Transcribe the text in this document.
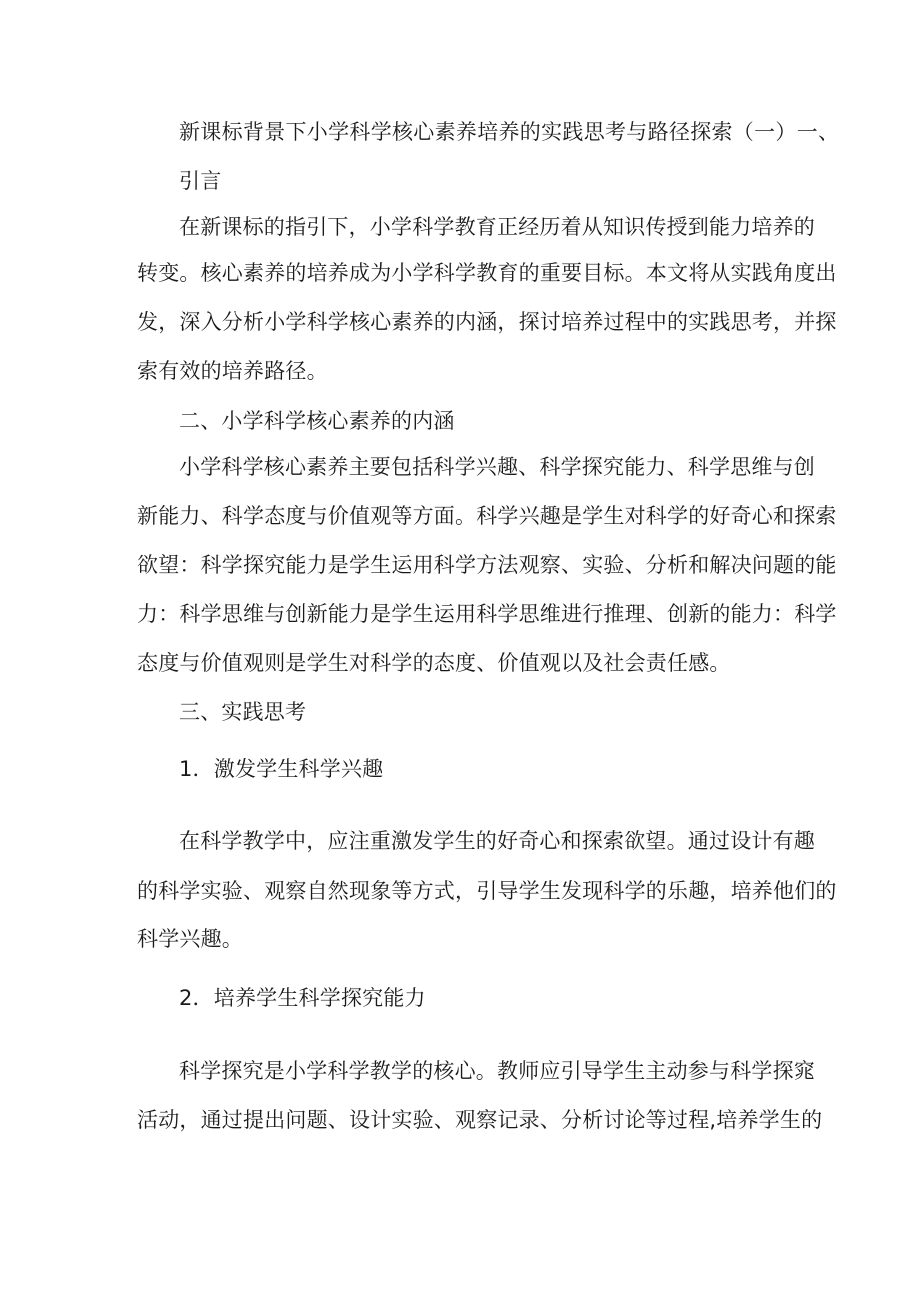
新课标背景下小学科学核心素养培养的实践思考与路径探索（一）一、
引言
在新课标的指引下，小学科学教育正经历着从知识传授到能力培养的
转变。核心素养的培养成为小学科学教育的重要目标。本文将从实践角度出
发，深入分析小学科学核心素养的内涵，探讨培养过程中的实践思考，并探
索有效的培养路径。
二、小学科学核心素养的内涵
小学科学核心素养主要包括科学兴趣、科学探究能力、科学思维与创
新能力、科学态度与价值观等方面。科学兴趣是学生对科学的好奇心和探索
欲望：科学探究能力是学生运用科学方法观察、实验、分析和解决问题的能
力：科学思维与创新能力是学生运用科学思维进行推理、创新的能力：科学
态度与价值观则是学生对科学的态度、价值观以及社会责任感。
三、实践思考
1．激发学生科学兴趣
在科学教学中，应注重激发学生的好奇心和探索欲望。通过设计有趣
的科学实验、观察自然现象等方式，引导学生发现科学的乐趣，培养他们的
科学兴趣。
2．培养学生科学探究能力
科学探究是小学科学教学的核心。教师应引导学生主动参与科学探窕
活动，通过提出问题、设计实验、观察记录、分析讨论等过程,培养学生的
